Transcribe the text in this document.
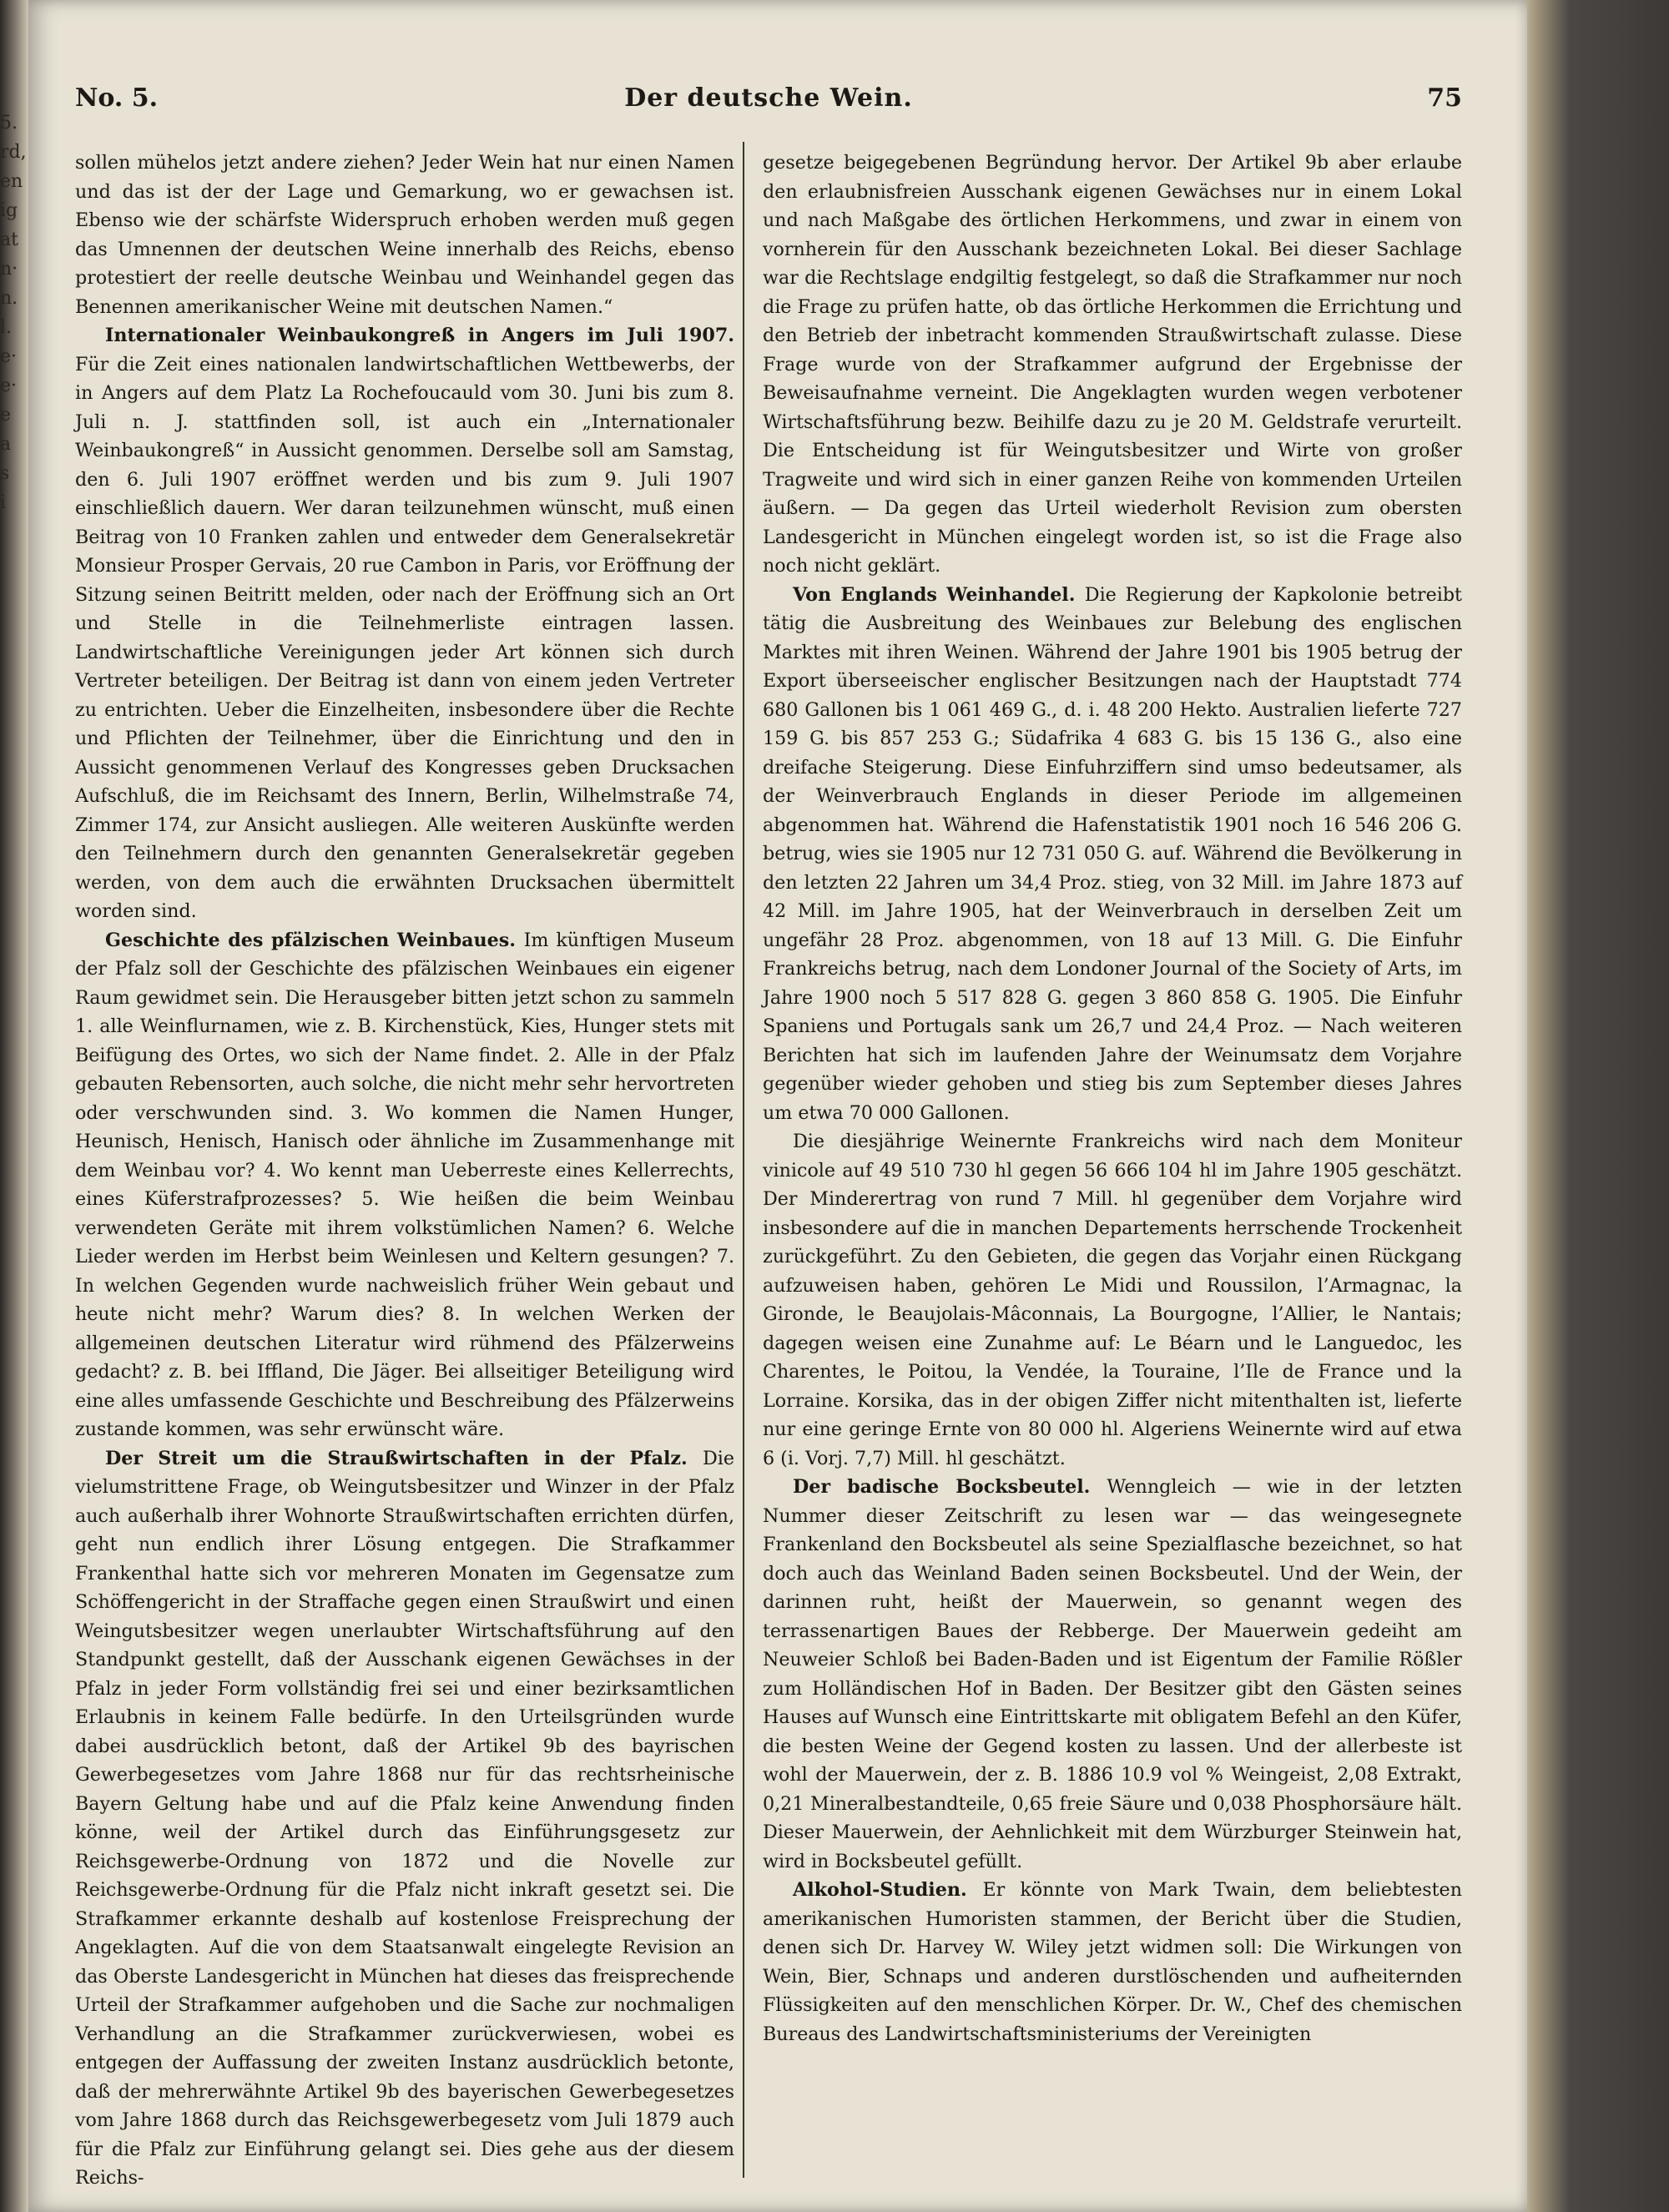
5.
rd,
en
ig
at
n·
n.
l.
e·
e·
e
a
s
i
No. 5.	Der deutsche Wein.	75

sollen mühelos jetzt andere ziehen? Jeder Wein hat nur einen Namen und das ist der der Lage und Gemarkung, wo er gewachsen ist. Ebenso wie der schärfste Widerspruch erhoben werden muß gegen das Umnennen der deutschen Weine innerhalb des Reichs, ebenso protestiert der reelle deutsche Weinbau und Weinhandel gegen das Benennen amerikanischer Weine mit deutschen Namen.“

Internationaler Weinbaukongreß in Angers im Juli 1907. Für die Zeit eines nationalen landwirtschaftlichen Wettbewerbs, der in Angers auf dem Platz La Rochefoucauld vom 30. Juni bis zum 8. Juli n. J. stattfinden soll, ist auch ein „Internationaler Weinbaukongreß“ in Aussicht genommen. Derselbe soll am Samstag, den 6. Juli 1907 eröffnet werden und bis zum 9. Juli 1907 einschließlich dauern. Wer daran teilzunehmen wünscht, muß einen Beitrag von 10 Franken zahlen und entweder dem Generalsekretär Monsieur Prosper Gervais, 20 rue Cambon in Paris, vor Eröffnung der Sitzung seinen Beitritt melden, oder nach der Eröffnung sich an Ort und Stelle in die Teilnehmerliste eintragen lassen. Landwirtschaftliche Vereinigungen jeder Art können sich durch Vertreter beteiligen. Der Beitrag ist dann von einem jeden Vertreter zu entrichten. Ueber die Einzelheiten, insbesondere über die Rechte und Pflichten der Teilnehmer, über die Einrichtung und den in Aussicht genommenen Verlauf des Kongresses geben Drucksachen Aufschluß, die im Reichsamt des Innern, Berlin, Wilhelmstraße 74, Zimmer 174, zur Ansicht ausliegen. Alle weiteren Auskünfte werden den Teilnehmern durch den genannten Generalsekretär gegeben werden, von dem auch die erwähnten Drucksachen übermittelt worden sind.

Geschichte des pfälzischen Weinbaues. Im künftigen Museum der Pfalz soll der Geschichte des pfälzischen Weinbaues ein eigener Raum gewidmet sein. Die Herausgeber bitten jetzt schon zu sammeln 1. alle Weinflurnamen, wie z. B. Kirchenstück, Kies, Hunger stets mit Beifügung des Ortes, wo sich der Name findet. 2. Alle in der Pfalz gebauten Rebensorten, auch solche, die nicht mehr sehr hervortreten oder verschwunden sind. 3. Wo kommen die Namen Hunger, Heunisch, Henisch, Hanisch oder ähnliche im Zusammenhange mit dem Weinbau vor? 4. Wo kennt man Ueberreste eines Kellerrechts, eines Küferstrafprozesses? 5. Wie heißen die beim Weinbau verwendeten Geräte mit ihrem volkstümlichen Namen? 6. Welche Lieder werden im Herbst beim Weinlesen und Keltern gesungen? 7. In welchen Gegenden wurde nachweislich früher Wein gebaut und heute nicht mehr? Warum dies? 8. In welchen Werken der allgemeinen deutschen Literatur wird rühmend des Pfälzerweins gedacht? z. B. bei Iffland, Die Jäger. Bei allseitiger Beteiligung wird eine alles umfassende Geschichte und Beschreibung des Pfälzerweins zustande kommen, was sehr erwünscht wäre.

Der Streit um die Straußwirtschaften in der Pfalz. Die vielumstrittene Frage, ob Weingutsbesitzer und Winzer in der Pfalz auch außerhalb ihrer Wohnorte Straußwirtschaften errichten dürfen, geht nun endlich ihrer Lösung entgegen. Die Strafkammer Frankenthal hatte sich vor mehreren Monaten im Gegensatze zum Schöffengericht in der Straffache gegen einen Straußwirt und einen Weingutsbesitzer wegen unerlaubter Wirtschaftsführung auf den Standpunkt gestellt, daß der Ausschank eigenen Gewächses in der Pfalz in jeder Form vollständig frei sei und einer bezirksamtlichen Erlaubnis in keinem Falle bedürfe. In den Urteilsgründen wurde dabei ausdrücklich betont, daß der Artikel 9b des bayrischen Gewerbegesetzes vom Jahre 1868 nur für das rechtsrheinische Bayern Geltung habe und auf die Pfalz keine Anwendung finden könne, weil der Artikel durch das Einführungsgesetz zur Reichsgewerbe-Ordnung von 1872 und die Novelle zur Reichsgewerbe-Ordnung für die Pfalz nicht inkraft gesetzt sei. Die Strafkammer erkannte deshalb auf kostenlose Freisprechung der Angeklagten. Auf die von dem Staatsanwalt eingelegte Revision an das Oberste Landesgericht in München hat dieses das freisprechende Urteil der Strafkammer aufgehoben und die Sache zur nochmaligen Verhandlung an die Strafkammer zurückverwiesen, wobei es entgegen der Auffassung der zweiten Instanz ausdrücklich betonte, daß der mehrerwähnte Artikel 9b des bayerischen Gewerbegesetzes vom Jahre 1868 durch das Reichsgewerbegesetz vom Juli 1879 auch für die Pfalz zur Einführung gelangt sei. Dies gehe aus der diesem Reichs-

gesetze beigegebenen Begründung hervor. Der Artikel 9b aber erlaube den erlaubnisfreien Ausschank eigenen Gewächses nur in einem Lokal und nach Maßgabe des örtlichen Herkommens, und zwar in einem von vornherein für den Ausschank bezeichneten Lokal. Bei dieser Sachlage war die Rechtslage endgiltig festgelegt, so daß die Strafkammer nur noch die Frage zu prüfen hatte, ob das örtliche Herkommen die Errichtung und den Betrieb der inbetracht kommenden Straußwirtschaft zulasse. Diese Frage wurde von der Strafkammer aufgrund der Ergebnisse der Beweisaufnahme verneint. Die Angeklagten wurden wegen verbotener Wirtschaftsführung bezw. Beihilfe dazu zu je 20 M. Geldstrafe verurteilt. Die Entscheidung ist für Weingutsbesitzer und Wirte von großer Tragweite und wird sich in einer ganzen Reihe von kommenden Urteilen äußern. — Da gegen das Urteil wiederholt Revision zum obersten Landesgericht in München eingelegt worden ist, so ist die Frage also noch nicht geklärt.

Von Englands Weinhandel. Die Regierung der Kapkolonie betreibt tätig die Ausbreitung des Weinbaues zur Belebung des englischen Marktes mit ihren Weinen. Während der Jahre 1901 bis 1905 betrug der Export überseeischer englischer Besitzungen nach der Hauptstadt 774 680 Gallonen bis 1 061 469 G., d. i. 48 200 Hekto. Australien lieferte 727 159 G. bis 857 253 G.; Südafrika 4 683 G. bis 15 136 G., also eine dreifache Steigerung. Diese Einfuhrziffern sind umso bedeutsamer, als der Weinverbrauch Englands in dieser Periode im allgemeinen abgenommen hat. Während die Hafenstatistik 1901 noch 16 546 206 G. betrug, wies sie 1905 nur 12 731 050 G. auf. Während die Bevölkerung in den letzten 22 Jahren um 34,4 Proz. stieg, von 32 Mill. im Jahre 1873 auf 42 Mill. im Jahre 1905, hat der Weinverbrauch in derselben Zeit um ungefähr 28 Proz. abgenommen, von 18 auf 13 Mill. G. Die Einfuhr Frankreichs betrug, nach dem Londoner Journal of the Society of Arts, im Jahre 1900 noch 5 517 828 G. gegen 3 860 858 G. 1905. Die Einfuhr Spaniens und Portugals sank um 26,7 und 24,4 Proz. — Nach weiteren Berichten hat sich im laufenden Jahre der Weinumsatz dem Vorjahre gegenüber wieder gehoben und stieg bis zum September dieses Jahres um etwa 70 000 Gallonen.

Die diesjährige Weinernte Frankreichs wird nach dem Moniteur vinicole auf 49 510 730 hl gegen 56 666 104 hl im Jahre 1905 geschätzt. Der Minderertrag von rund 7 Mill. hl gegenüber dem Vorjahre wird insbesondere auf die in manchen Departements herrschende Trockenheit zurückgeführt. Zu den Gebieten, die gegen das Vorjahr einen Rückgang aufzuweisen haben, gehören Le Midi und Roussilon, l’Armagnac, la Gironde, le Beaujolais-Mâconnais, La Bourgogne, l’Allier, le Nantais; dagegen weisen eine Zunahme auf: Le Béarn und le Languedoc, les Charentes, le Poitou, la Vendée, la Touraine, l’Ile de France und la Lorraine. Korsika, das in der obigen Ziffer nicht mitenthalten ist, lieferte nur eine geringe Ernte von 80 000 hl. Algeriens Weinernte wird auf etwa 6 (i. Vorj. 7,7) Mill. hl geschätzt.

Der badische Bocksbeutel. Wenngleich — wie in der letzten Nummer dieser Zeitschrift zu lesen war — das weingesegnete Frankenland den Bocksbeutel als seine Spezialflasche bezeichnet, so hat doch auch das Weinland Baden seinen Bocksbeutel. Und der Wein, der darinnen ruht, heißt der Mauerwein, so genannt wegen des terrassenartigen Baues der Rebberge. Der Mauerwein gedeiht am Neuweier Schloß bei Baden-Baden und ist Eigentum der Familie Rößler zum Holländischen Hof in Baden. Der Besitzer gibt den Gästen seines Hauses auf Wunsch eine Eintrittskarte mit obligatem Befehl an den Küfer, die besten Weine der Gegend kosten zu lassen. Und der allerbeste ist wohl der Mauerwein, der z. B. 1886 10.9 vol % Weingeist, 2,08 Extrakt, 0,21 Mineralbestandteile, 0,65 freie Säure und 0,038 Phosphorsäure hält. Dieser Mauerwein, der Aehnlichkeit mit dem Würzburger Steinwein hat, wird in Bocksbeutel gefüllt.

Alkohol-Studien. Er könnte von Mark Twain, dem beliebtesten amerikanischen Humoristen stammen, der Bericht über die Studien, denen sich Dr. Harvey W. Wiley jetzt widmen soll: Die Wirkungen von Wein, Bier, Schnaps und anderen durstlöschenden und aufheiternden Flüssigkeiten auf den menschlichen Körper. Dr. W., Chef des chemischen Bureaus des Landwirtschaftsministeriums der Vereinigten
